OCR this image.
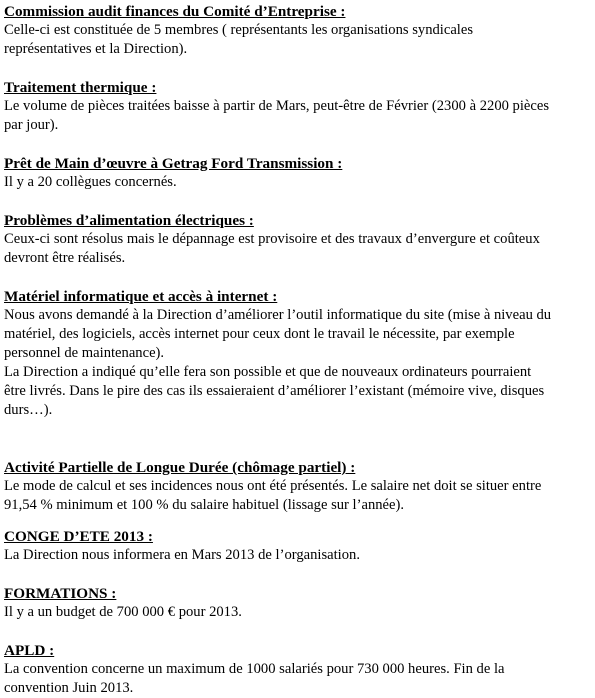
Commission audit finances du Comité d’Entreprise :
Celle-ci est constituée de 5 membres ( représentants les organisations syndicales
représentatives et la Direction).
Traitement thermique :
Le volume de pièces traitées baisse à partir de Mars, peut-être de Février (2300 à 2200 pièces
par jour).
Prêt de Main d’œuvre à Getrag Ford Transmission :
Il y a 20 collègues concernés.
Problèmes d’alimentation électriques :
Ceux-ci sont résolus mais le dépannage est provisoire et des travaux d’envergure et coûteux
devront être réalisés.
Matériel informatique et accès à internet :
Nous avons demandé à la Direction d’améliorer l’outil informatique du site (mise à niveau du
matériel, des logiciels, accès internet pour ceux dont le travail le nécessite, par exemple
personnel de maintenance).
La Direction a indiqué qu’elle fera son possible et que de nouveaux ordinateurs pourraient
être livrés. Dans le pire des cas ils essaieraient d’améliorer l’existant (mémoire vive, disques
durs…).
Activité Partielle de Longue Durée (chômage partiel) :
Le mode de calcul et ses incidences nous ont été présentés. Le salaire net doit se situer entre
91,54 % minimum et 100 % du salaire habituel (lissage sur l’année).
CONGE D’ETE 2013 :
La Direction nous informera en Mars 2013 de l’organisation.
FORMATIONS :
Il y a un budget de 700 000 € pour 2013.
APLD :
La convention concerne un maximum de 1000 salariés pour 730 000 heures. Fin de la
convention Juin 2013.
